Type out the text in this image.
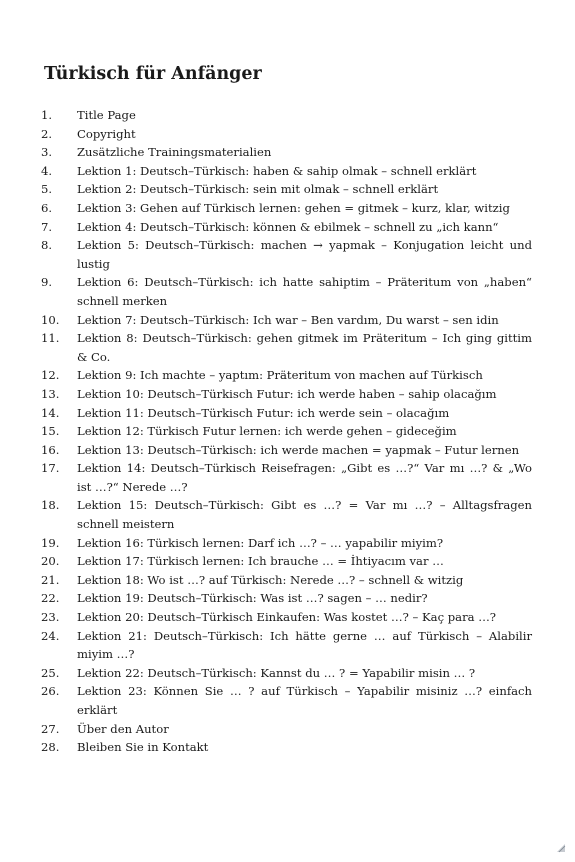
Türkisch für Anfänger
1.	Title Page
2.	Copyright
3.	Zusätzliche Trainingsmaterialien
4.	Lektion 1: Deutsch–Türkisch: haben & sahip olmak – schnell erklärt
5.	Lektion 2: Deutsch–Türkisch: sein mit olmak – schnell erklärt
6.	Lektion 3: Gehen auf Türkisch lernen: gehen = gitmek – kurz, klar, witzig
7.	Lektion 4: Deutsch–Türkisch: können & ebilmek – schnell zu „ich kann“
8.	Lektion 5: Deutsch–Türkisch: machen → yapmak – Konjugation leicht und lustig
9.	Lektion 6: Deutsch–Türkisch: ich hatte sahiptim – Präteritum von „haben“ schnell merken
10.	Lektion 7: Deutsch–Türkisch: Ich war – Ben vardım, Du warst – sen idin
11.	Lektion 8: Deutsch–Türkisch: gehen gitmek im Präteritum – Ich ging gittim & Co.
12.	Lektion 9: Ich machte – yaptım: Präteritum von machen auf Türkisch
13.	Lektion 10: Deutsch–Türkisch Futur: ich werde haben – sahip olacağım
14.	Lektion 11: Deutsch–Türkisch Futur: ich werde sein – olacağım
15.	Lektion 12: Türkisch Futur lernen: ich werde gehen – gideceğim
16.	Lektion 13: Deutsch–Türkisch: ich werde machen = yapmak – Futur lernen
17.	Lektion 14: Deutsch–Türkisch Reisefragen: „Gibt es …?“ Var mı …? & „Wo ist …?“ Nerede …?
18.	Lektion 15: Deutsch–Türkisch: Gibt es …? = Var mı …? – Alltagsfragen schnell meistern
19.	Lektion 16: Türkisch lernen: Darf ich …? – … yapabilir miyim?
20.	Lektion 17: Türkisch lernen: Ich brauche … = İhtiyacım var …
21.	Lektion 18: Wo ist …? auf Türkisch: Nerede …? – schnell & witzig
22.	Lektion 19: Deutsch–Türkisch: Was ist …? sagen – … nedir?
23.	Lektion 20: Deutsch–Türkisch Einkaufen: Was kostet …? – Kaç para …?
24.	Lektion 21: Deutsch–Türkisch: Ich hätte gerne … auf Türkisch – Alabilir miyim …?
25.	Lektion 22: Deutsch–Türkisch: Kannst du … ? = Yapabilir misin … ?
26.	Lektion 23: Können Sie … ? auf Türkisch – Yapabilir misiniz …? einfach erklärt
27.	Über den Autor
28.	Bleiben Sie in Kontakt
